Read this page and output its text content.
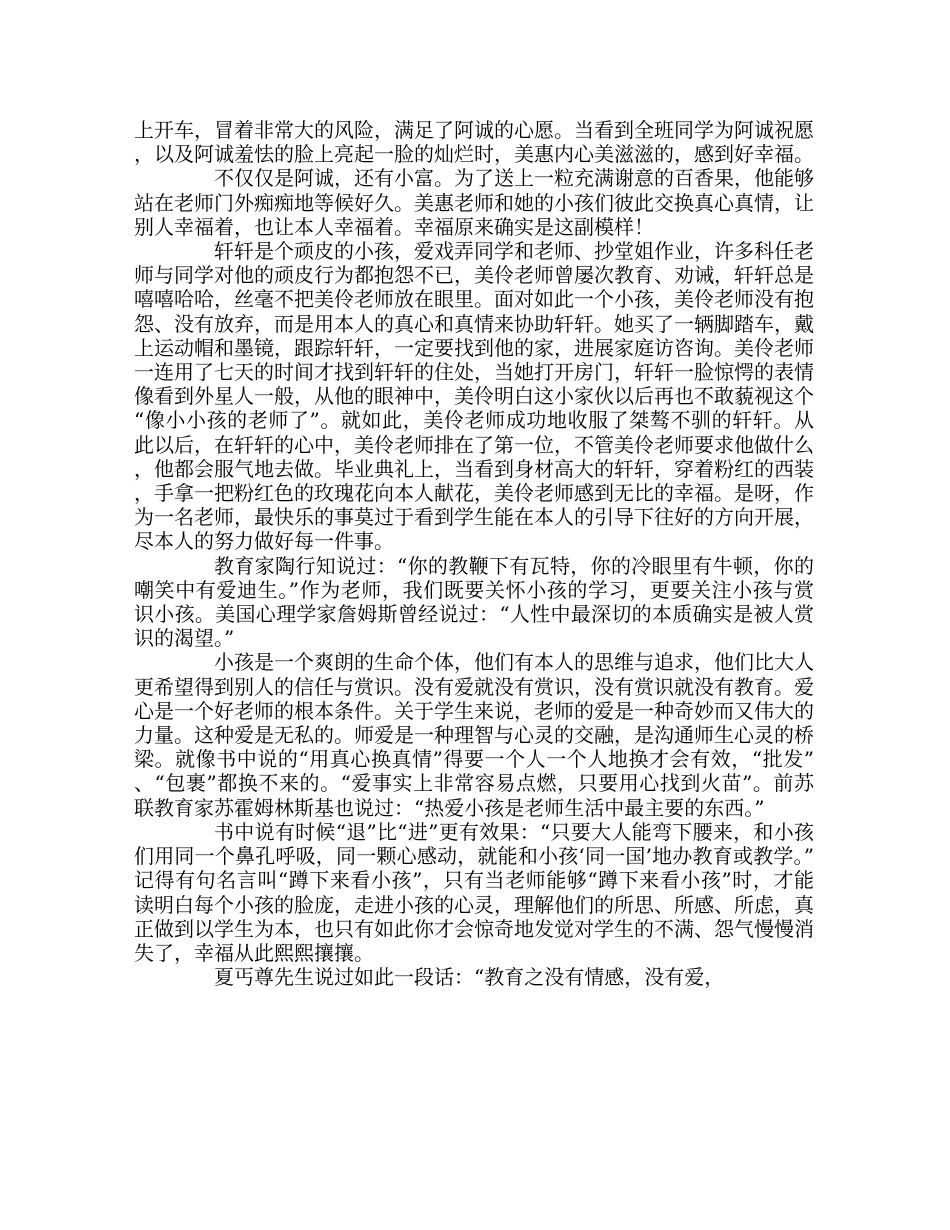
上开车，冒着非常大的风险，满足了阿诚的心愿。当看到全班同学为阿诚祝愿，以及阿诚羞怯的脸上亮起一脸的灿烂时，美惠内心美滋滋的，感到好幸福。

不仅仅是阿诚，还有小富。为了送上一粒充满谢意的百香果，他能够站在老师门外痴痴地等候好久。美惠老师和她的小孩们彼此交换真心真情，让别人幸福着，也让本人幸福着。幸福原来确实是这副模样！

轩轩是个顽皮的小孩，爱戏弄同学和老师、抄堂姐作业，许多科任老师与同学对他的顽皮行为都抱怨不已，美伶老师曾屡次教育、劝诫，轩轩总是嘻嘻哈哈，丝毫不把美伶老师放在眼里。面对如此一个小孩，美伶老师没有抱怨、没有放弃，而是用本人的真心和真情来协助轩轩。她买了一辆脚踏车，戴上运动帽和墨镜，跟踪轩轩，一定要找到他的家，进展家庭访咨询。美伶老师一连用了七天的时间才找到轩轩的住处，当她打开房门，轩轩一脸惊愕的表情像看到外星人一般，从他的眼神中，美伶明白这小家伙以后再也不敢藐视这个“像小小孩的老师了”。就如此，美伶老师成功地收服了桀骜不驯的轩轩。从此以后，在轩轩的心中，美伶老师排在了第一位，不管美伶老师要求他做什么，他都会服气地去做。毕业典礼上，当看到身材高大的轩轩，穿着粉红的西装，手拿一把粉红色的玫瑰花向本人献花，美伶老师感到无比的幸福。是呀，作为一名老师，最快乐的事莫过于看到学生能在本人的引导下往好的方向开展，尽本人的努力做好每一件事。

教育家陶行知说过：“你的教鞭下有瓦特，你的冷眼里有牛顿，你的嘲笑中有爱迪生。”作为老师，我们既要关怀小孩的学习，更要关注小孩与赏识小孩。美国心理学家詹姆斯曾经说过：“人性中最深切的本质确实是被人赏识的渴望。”

小孩是一个爽朗的生命个体，他们有本人的思维与追求，他们比大人更希望得到别人的信任与赏识。没有爱就没有赏识，没有赏识就没有教育。爱心是一个好老师的根本条件。关于学生来说，老师的爱是一种奇妙而又伟大的力量。这种爱是无私的。师爱是一种理智与心灵的交融，是沟通师生心灵的桥梁。就像书中说的“用真心换真情”得要一个人一个人地换才会有效，“批发”、“包裹”都换不来的。“爱事实上非常容易点燃，只要用心找到火苗”。前苏联教育家苏霍姆林斯基也说过：“热爱小孩是老师生活中最主要的东西。”

书中说有时候“退”比“进”更有效果：“只要大人能弯下腰来，和小孩们用同一个鼻孔呼吸，同一颗心感动，就能和小孩‘同一国’地办教育或教学。”记得有句名言叫“蹲下来看小孩”，只有当老师能够“蹲下来看小孩”时，才能读明白每个小孩的脸庞，走进小孩的心灵，理解他们的所思、所感、所虑，真正做到以学生为本，也只有如此你才会惊奇地发觉对学生的不满、怨气慢慢消失了，幸福从此熙熙攘攘。

夏丐尊先生说过如此一段话：“教育之没有情感，没有爱，
